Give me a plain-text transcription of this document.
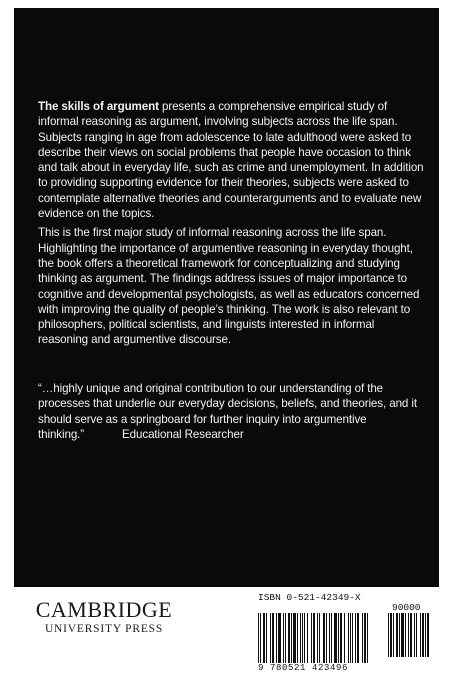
The skills of argument presents a comprehensive empirical study of informal reasoning as argument, involving subjects across the life span. Subjects ranging in age from adolescence to late adulthood were asked to describe their views on social problems that people have occasion to think and talk about in everyday life, such as crime and unemployment. In addition to providing supporting evidence for their theories, subjects were asked to contemplate alternative theories and counterarguments and to evaluate new evidence on the topics.

This is the first major study of informal reasoning across the life span. Highlighting the importance of argumentive reasoning in everyday thought, the book offers a theoretical framework for conceptualizing and studying thinking as argument. The findings address issues of major importance to cognitive and developmental psychologists, as well as educators concerned with improving the quality of people’s thinking. The work is also relevant to philosophers, political scientists, and linguists interested in informal reasoning and argumentive discourse.

“…highly unique and original contribution to our understanding of the processes that underlie our everyday decisions, beliefs, and theories, and it should serve as a springboard for further inquiry into argumentive thinking.”	Educational Researcher
CAMBRIDGE
UNIVERSITY PRESS
ISBN 0-521-42349-X
90000
9 780521 423496
